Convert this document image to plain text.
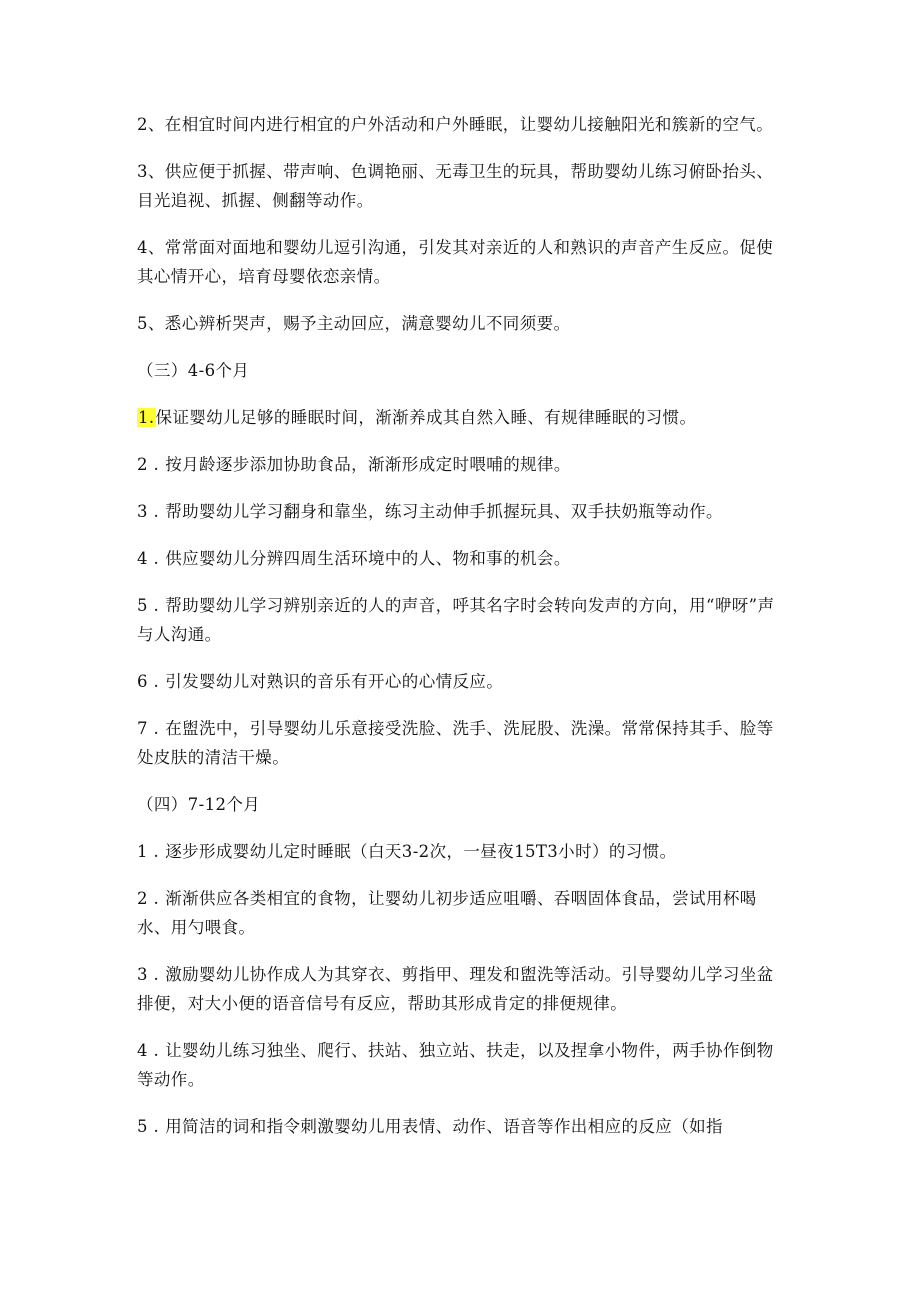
2、在相宜时间内进行相宜的户外活动和户外睡眠，让婴幼儿接触阳光和簇新的空气。

3、供应便于抓握、带声响、色调艳丽、无毒卫生的玩具，帮助婴幼儿练习俯卧抬头、目光追视、抓握、侧翻等动作。

4、常常面对面地和婴幼儿逗引沟通，引发其对亲近的人和熟识的声音产生反应。促使其心情开心，培育母婴依恋亲情。

5、悉心辨析哭声，赐予主动回应，满意婴幼儿不同须要。

（三）4-6个月

1.保证婴幼儿足够的睡眠时间，渐渐养成其自然入睡、有规律睡眠的习惯。

2 . 按月龄逐步添加协助食品，渐渐形成定时喂哺的规律。

3 . 帮助婴幼儿学习翻身和靠坐，练习主动伸手抓握玩具、双手扶奶瓶等动作。

4 . 供应婴幼儿分辨四周生活环境中的人、物和事的机会。

5 . 帮助婴幼儿学习辨别亲近的人的声音，呼其名字时会转向发声的方向，用“咿呀”声与人沟通。

6 . 引发婴幼儿对熟识的音乐有开心的心情反应。

7 . 在盥洗中，引导婴幼儿乐意接受洗脸、洗手、洗屁股、洗澡。常常保持其手、脸等处皮肤的清洁干燥。

（四）7-12个月

1 . 逐步形成婴幼儿定时睡眠（白天3-2次，一昼夜15T3小时）的习惯。

2 . 渐渐供应各类相宜的食物，让婴幼儿初步适应咀嚼、吞咽固体食品，尝试用杯喝水、用勺喂食。

3 . 激励婴幼儿协作成人为其穿衣、剪指甲、理发和盥洗等活动。引导婴幼儿学习坐盆排便，对大小便的语音信号有反应，帮助其形成肯定的排便规律。

4 . 让婴幼儿练习独坐、爬行、扶站、独立站、扶走，以及捏拿小物件，两手协作倒物等动作。

5 . 用简洁的词和指令刺激婴幼儿用表情、动作、语音等作出相应的反应（如指
